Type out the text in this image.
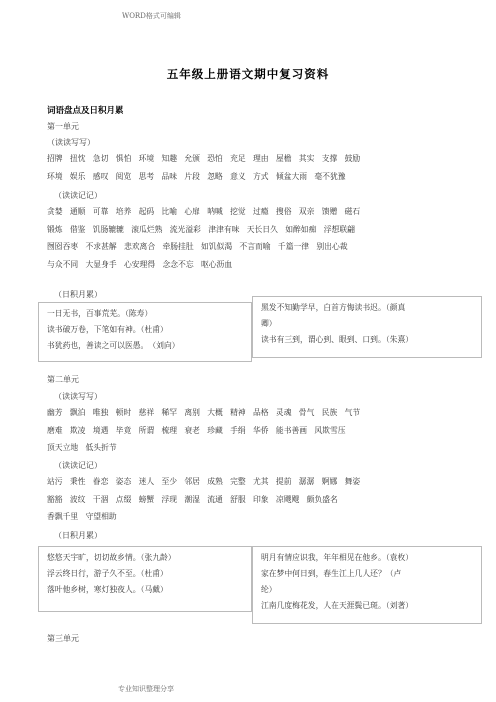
WORD格式可编辑
五年级上册语文期中复习资料
词语盘点及日积月累
第一单元
（读读写写）
招牌 扭忱 急切 惧怕 环境 知趣 允颁 恐怕 充足 理由 屋檐 其实 支撑 鼓励
环境 娱乐 感叹 阅览 思考 品味 片段 忽略 意义 方式 倾盆大雨 毫不犹豫
（读读记记）
贪婪 通顺 可靠 培养 起码 比喻 心扉 呐喊 挖觉 过瘾 搜俗 双亲 馈赠 磁石
锻炼 借鉴 饥肠辘辘 滚瓜烂熟 流光溢彩 津津有味 天长日久 如醉如痴 浮想联翩
囫囵吞枣 不求甚解 悲欢离合 牵肠挂肚 如饥似渴 不言而喻 千篇一律 别出心裁
与众不同 大显身手 心安理得 念念不忘 呕心沥血
（日积月累）
一日无书，百事荒芜。（陈寿）
读书破万卷，下笔如有神。（杜甫）
书犹药也，善读之可以医愚。　（刘向）
黑发不知勤学早，白首方悔读书迟。（颜真
卿）
读书有三到，谓心到、眼到、口到。（朱熹）
第二单元
（读读写写）
幽芳 飘泊 唯独 顿时 慈祥 稀罕 离别 大概 精神 品格 灵魂 骨气 民族 气节
磨难 欺凌 境遇 毕竟 所谓 梳理 衰老 珍藏 手绢 华侨 能书善画 风欺雪压
顶天立地 低头折节
（读读记记）
站污 秉性 眷恋 姿态 迷人 至少 邻居 成熟 完整 尤其 提前 潺潺 婀娜 舞姿
豁豁 波纹 干涸 点缀 螃蟹 浮现 潮湿 流通 舒服 印象 凉飕飕 颇负盛名
香飘千里 守望相助
（日积月累）
悠悠天宇旷，切切故乡情。（张九龄）
浮云终日行，游子久不至。（杜甫）
落叶他乡树，寒灯独夜人。（马戴）
明月有情应识我，年年相见在他乡。（袁枚）
家在梦中何日到，春生江上几人还？（卢
纶）
江南几度梅花发，人在天涯鬓已斑。（刘著）
第三单元
专业知识整理分享
